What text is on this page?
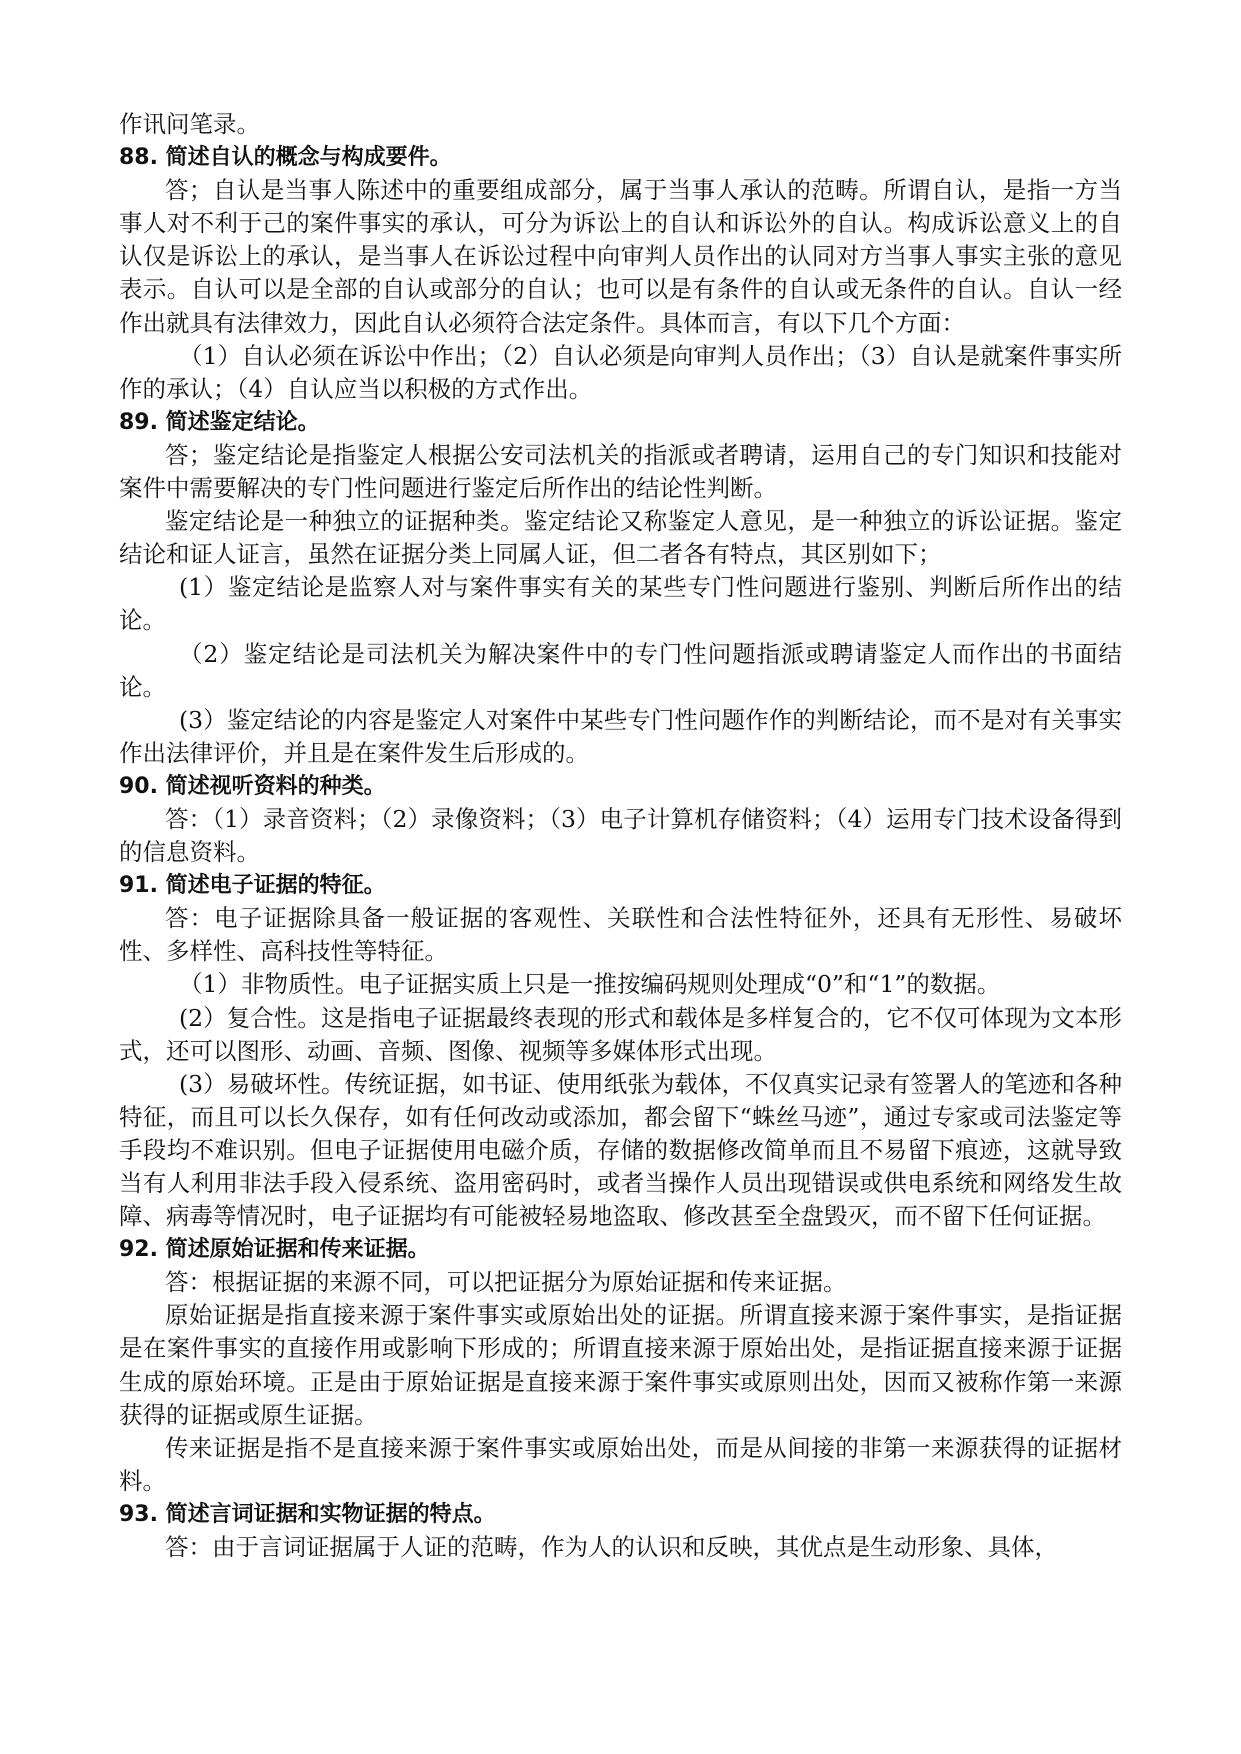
作讯问笔录。

88. 简述自认的概念与构成要件。

答；自认是当事人陈述中的重要组成部分，属于当事人承认的范畴。所谓自认，是指一方当事人对不利于己的案件事实的承认，可分为诉讼上的自认和诉讼外的自认。构成诉讼意义上的自认仅是诉讼上的承认，是当事人在诉讼过程中向审判人员作出的认同对方当事人事实主张的意见表示。自认可以是全部的自认或部分的自认；也可以是有条件的自认或无条件的自认。自认一经作出就具有法律效力，因此自认必须符合法定条件。具体而言，有以下几个方面：

（1）自认必须在诉讼中作出；（2）自认必须是向审判人员作出；（3）自认是就案件事实所作的承认；（4）自认应当以积极的方式作出。

89. 简述鉴定结论。

答；鉴定结论是指鉴定人根据公安司法机关的指派或者聘请，运用自己的专门知识和技能对案件中需要解决的专门性问题进行鉴定后所作出的结论性判断。

鉴定结论是一种独立的证据种类。鉴定结论又称鉴定人意见，是一种独立的诉讼证据。鉴定结论和证人证言，虽然在证据分类上同属人证，但二者各有特点，其区别如下；

(1）鉴定结论是监察人对与案件事实有关的某些专门性问题进行鉴别、判断后所作出的结论。

（2）鉴定结论是司法机关为解决案件中的专门性问题指派或聘请鉴定人而作出的书面结论。

(3）鉴定结论的内容是鉴定人对案件中某些专门性问题作作的判断结论，而不是对有关事实作出法律评价，并且是在案件发生后形成的。

90. 简述视听资料的种类。

答：（1）录音资料；（2）录像资料；（3）电子计算机存储资料；（4）运用专门技术设备得到的信息资料。

91. 简述电子证据的特征。

答：电子证据除具备一般证据的客观性、关联性和合法性特征外，还具有无形性、易破坏性、多样性、高科技性等特征。

（1）非物质性。电子证据实质上只是一推按编码规则处理成“0”和“1”的数据。

(2）复合性。这是指电子证据最终表现的形式和载体是多样复合的，它不仅可体现为文本形式，还可以图形、动画、音频、图像、视频等多媒体形式出现。

(3）易破坏性。传统证据，如书证、使用纸张为载体，不仅真实记录有签署人的笔迹和各种特征，而且可以长久保存，如有任何改动或添加，都会留下“蛛丝马迹”，通过专家或司法鉴定等手段均不难识别。但电子证据使用电磁介质，存储的数据修改简单而且不易留下痕迹，这就导致当有人利用非法手段入侵系统、盗用密码时，或者当操作人员出现错误或供电系统和网络发生故障、病毒等情况时，电子证据均有可能被轻易地盗取、修改甚至全盘毁灭，而不留下任何证据。

92. 简述原始证据和传来证据。

答：根据证据的来源不同，可以把证据分为原始证据和传来证据。

原始证据是指直接来源于案件事实或原始出处的证据。所谓直接来源于案件事实，是指证据是在案件事实的直接作用或影响下形成的；所谓直接来源于原始出处，是指证据直接来源于证据生成的原始环境。正是由于原始证据是直接来源于案件事实或原则出处，因而又被称作第一来源获得的证据或原生证据。

传来证据是指不是直接来源于案件事实或原始出处，而是从间接的非第一来源获得的证据材料。

93. 简述言词证据和实物证据的特点。

答：由于言词证据属于人证的范畴，作为人的认识和反映，其优点是生动形象、具体，
